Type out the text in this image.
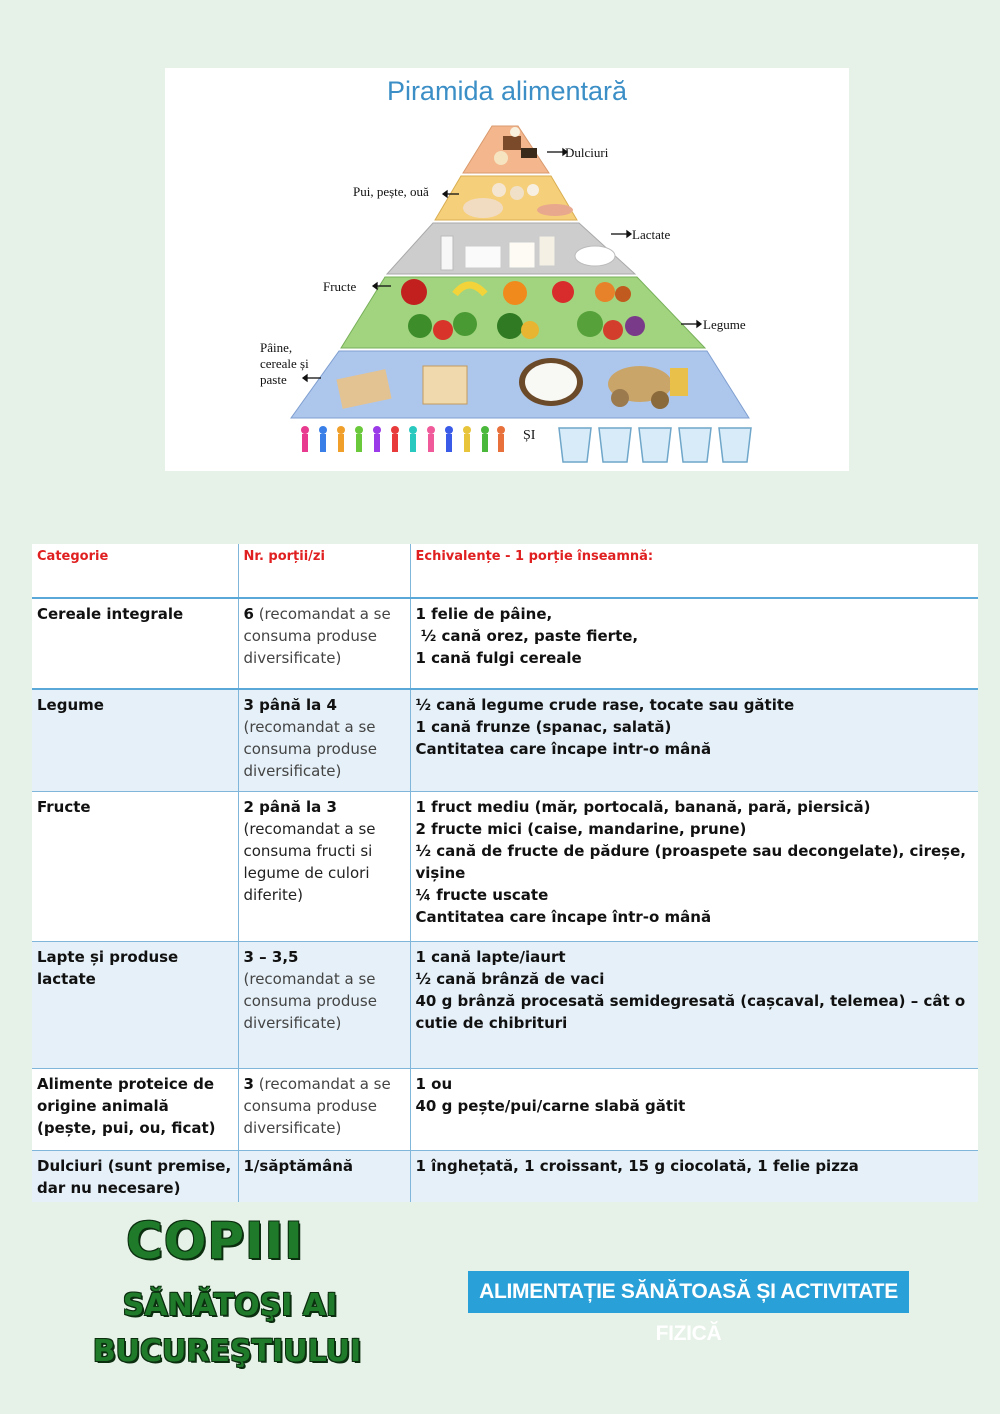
Piramida alimentară
Dulciuri
Pui, pește, ouă
Lactate
Fructe
Legume
Pâine,
cereale și
paste
ȘI
Categorie	Nr. porții/zi	Echivalențe - 1 porție înseamnă:
Cereale integrale	6 (recomandat a se consuma produse diversificate)	1 felie de pâine,
½ cană orez, paste fierte,
1 cană fulgi cereale

Legume	3 până la 4
(recomandat a se consuma produse diversificate)	½ cană legume crude rase, tocate sau gătite
1 cană frunze (spanac, salată)
Cantitatea care încape intr-o mână

Fructe	2 până la 3
(recomandat a se consuma fructi si legume de culori diferite)	1 fruct mediu (măr, portocală, banană, pară, piersică)
2 fructe mici (caise, mandarine, prune)
½ cană de fructe de pădure (proaspete sau decongelate), cireșe, vișine
¼ fructe uscate
Cantitatea care încape într-o mână

Lapte și produse lactate	3 – 3,5
(recomandat a se consuma produse diversificate)	1 cană lapte/iaurt
½ cană brânză de vaci
40 g brânză procesată semidegresată (cașcaval, telemea) – cât o cutie de chibrituri

Alimente proteice de origine animală (pește, pui, ou, ficat)	3 (recomandat a se consuma produse diversificate)	1 ou
40 g pește/pui/carne slabă gătit

Dulciuri (sunt premise, dar nu necesare)	1/săptămână	1 înghețată, 1 croissant, 15 g ciocolată, 1 felie pizza
COPIII
SĂNĂTOŞI AI
BUCUREŞTIULUI
ALIMENTAȚIE SĂNĂTOASĂ ȘI ACTIVITATE FIZICĂ
